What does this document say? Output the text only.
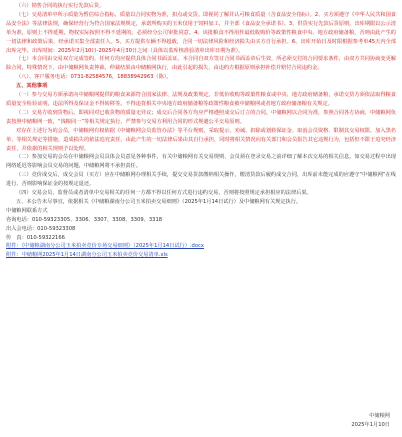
（六）销售合同的执行实行先款后货。

（七）交易清单中所示质量为暂估综合指标，质量以合同实物为准，扣点或交货。即视同了解并认可粮食质量（含食品安全指标）。2、买方须遵守《中华人民共和国食品安全法》等法律法规，确保经营行为符合国家法规规定，承诺所购买的玉米仅用于饲料加工，并全部《食品安全承诺书》。3、供货实行先款后货原则，出库期限以公示清单为准，原则上不得延期，物权实际按照不得不延期的，必须经分公司审批同意。4、该批粮食不得用作最低收购价等政策性粮食中央、地方政府储备粮，否则由此产生的一切法律和政策后果，经承诺买集全部责任人。5、买方提供车辆不得超载，合同一切法律风险和经济损失由买方自行承担。6、出库开始日及时限根据参考单45天内全部出库完毕。出库时间：2025年2月10日-2025年4月30日之间（具体以监库核准验清单出库日期为准）。

（七）本合同由交易双方完成签约，任何方均应提供具体合同书面盖证。本合同自双方签订合同书面盖章后生效，所必须交付的合同要求条件，由双方共同协商变更解除合同，特殊情况下，由中储粮网负责仲裁，仲裁结果由中储粮网执行，由此引起的损失，由违约方根据原则承担补偿并赔付合同违约金。

（八）、客户服务电话：0731-82584576，18838942963（陈）。

五、其他事项

（一）参与交易方须承诺向中储粮网提供的粮食来源符合国家法律、法规及政策规定，非低价收购等政策性粮食或中央、地方政府储备粮，承诺交货方须依法取得粮食质量安全检验证明，违法所得及保证金不得转移等。不得违背相关中央地方政府储备粮等政策性粮食被中储粮网或者地方政府储备粮有关规定。

（二）交易方收到货物后，即视同对已收货物的质量无异议；成交后合同各方均应严格遵照成交后订立的合同，中储粮网以合同为准，参照合同各方协商，中储粮网负责按照中储粮网一致，“钱粮同一”等相关规定执行，严禁参与交易方利用合同的形式规避公平交易原则。

对存在上述行为的会员，中储粮网有权依据《中储粮网会员监管办法》等平台规则，采取提示、劝诫、扣除或划转保证金、取消会员资格、限制其交易权限、加入黑名单、等相关规定等措施，造成损失的依法追究责任，由此产生的一切法律后果由其自行承担，同时将相关情况向有关部门和会员报告其它违规行为，包括但不限于追究经济责任，并依据的相关规则予以处理。

（二）参加交易的会员在中储粮网会员具体会员意见各种事件，有关中储粮网有关交易规则、会员须在登录交易之前详细了解本次交易的相关信息。如交易过程中出现网络延迟等影响会员交易的问题，中储粮网将不承担责任。

（三）竞价成交后，成交会员（买方）应在中储粮网办理相关手续，提交交易货款缴纳相关操作，缴清货款后履约成交合同，出库前未能完成的应遵守“中储粮网”在线进行，否则影响保证金的按规定退还。

（四）交易会员、监督员或者清单中交易相关的任何一方都不得以任何方式进行违约交易，否则将按照规定承担相应的法律后果。

五、本公告未尽事宜，依据相关《中储粮湖南分公司玉米拍卖交易细则》（2025年1月14日试行）及中储粮网有关规定执行。

中储粮网联系方式

咨询电话：010-59323305、3306、3307、3308、3309、3318

出入会电话：010-59323308

传　真：010-59322166

附件：《中储粮湖南分公司玉米拍卖竞价专场交易细则》（2025年1月14日试行）.docx

附件：中储粮网2025年1月14日湖南分公司玉米拍卖竞价交易清单.xls

中储粮网
2025年1月10日
